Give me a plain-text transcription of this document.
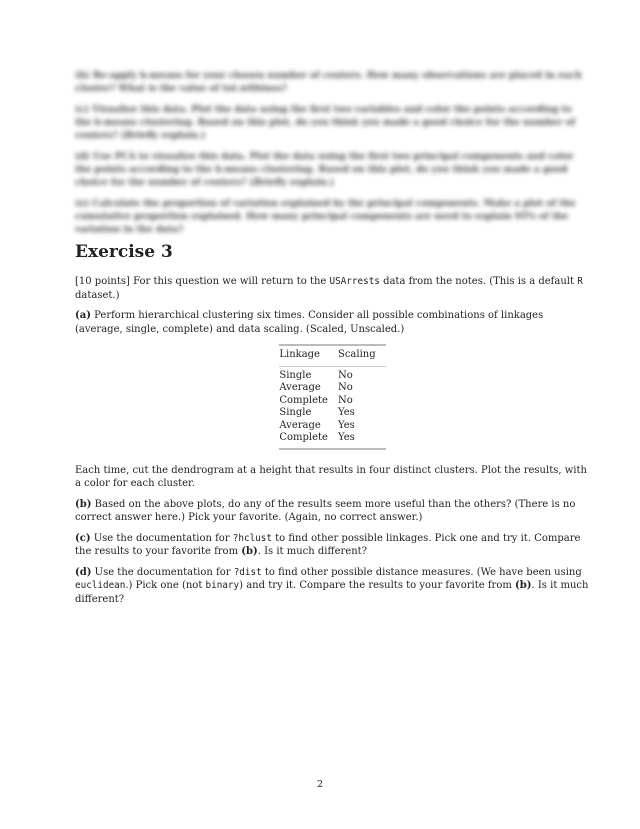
(b) Re-apply k-means for your chosen number of centers. How many observations are placed in each cluster? What is the value of tot.withinss?

(c) Visualize this data. Plot the data using the first two variables and color the points according to the k-means clustering. Based on this plot, do you think you made a good choice for the number of centers? (Briefly explain.)

(d) Use PCA to visualize this data. Plot the data using the first two principal components and color the points according to the k-means clustering. Based on this plot, do you think you made a good choice for the number of centers? (Briefly explain.)

(e) Calculate the proportion of variation explained by the principal components. Make a plot of the cumulative proportion explained. How many principal components are need to explain 95% of the variation in the data?

Exercise 3

[10 points] For this question we will return to the USArrests data from the notes. (This is a default R dataset.)

(a) Perform hierarchical clustering six times. Consider all possible combinations of linkages (average, single, complete) and data scaling. (Scaled, Unscaled.)

Linkage	Scaling
Single	No
Average	No
Complete	No
Single	Yes
Average	Yes
Complete	Yes

Each time, cut the dendrogram at a height that results in four distinct clusters. Plot the results, with a color for each cluster.

(b) Based on the above plots, do any of the results seem more useful than the others? (There is no correct answer here.) Pick your favorite. (Again, no correct answer.)

(c) Use the documentation for ?hclust to find other possible linkages. Pick one and try it. Compare the results to your favorite from (b). Is it much different?

(d) Use the documentation for ?dist to find other possible distance measures. (We have been using euclidean.) Pick one (not binary) and try it. Compare the results to your favorite from (b). Is it much different?

2
